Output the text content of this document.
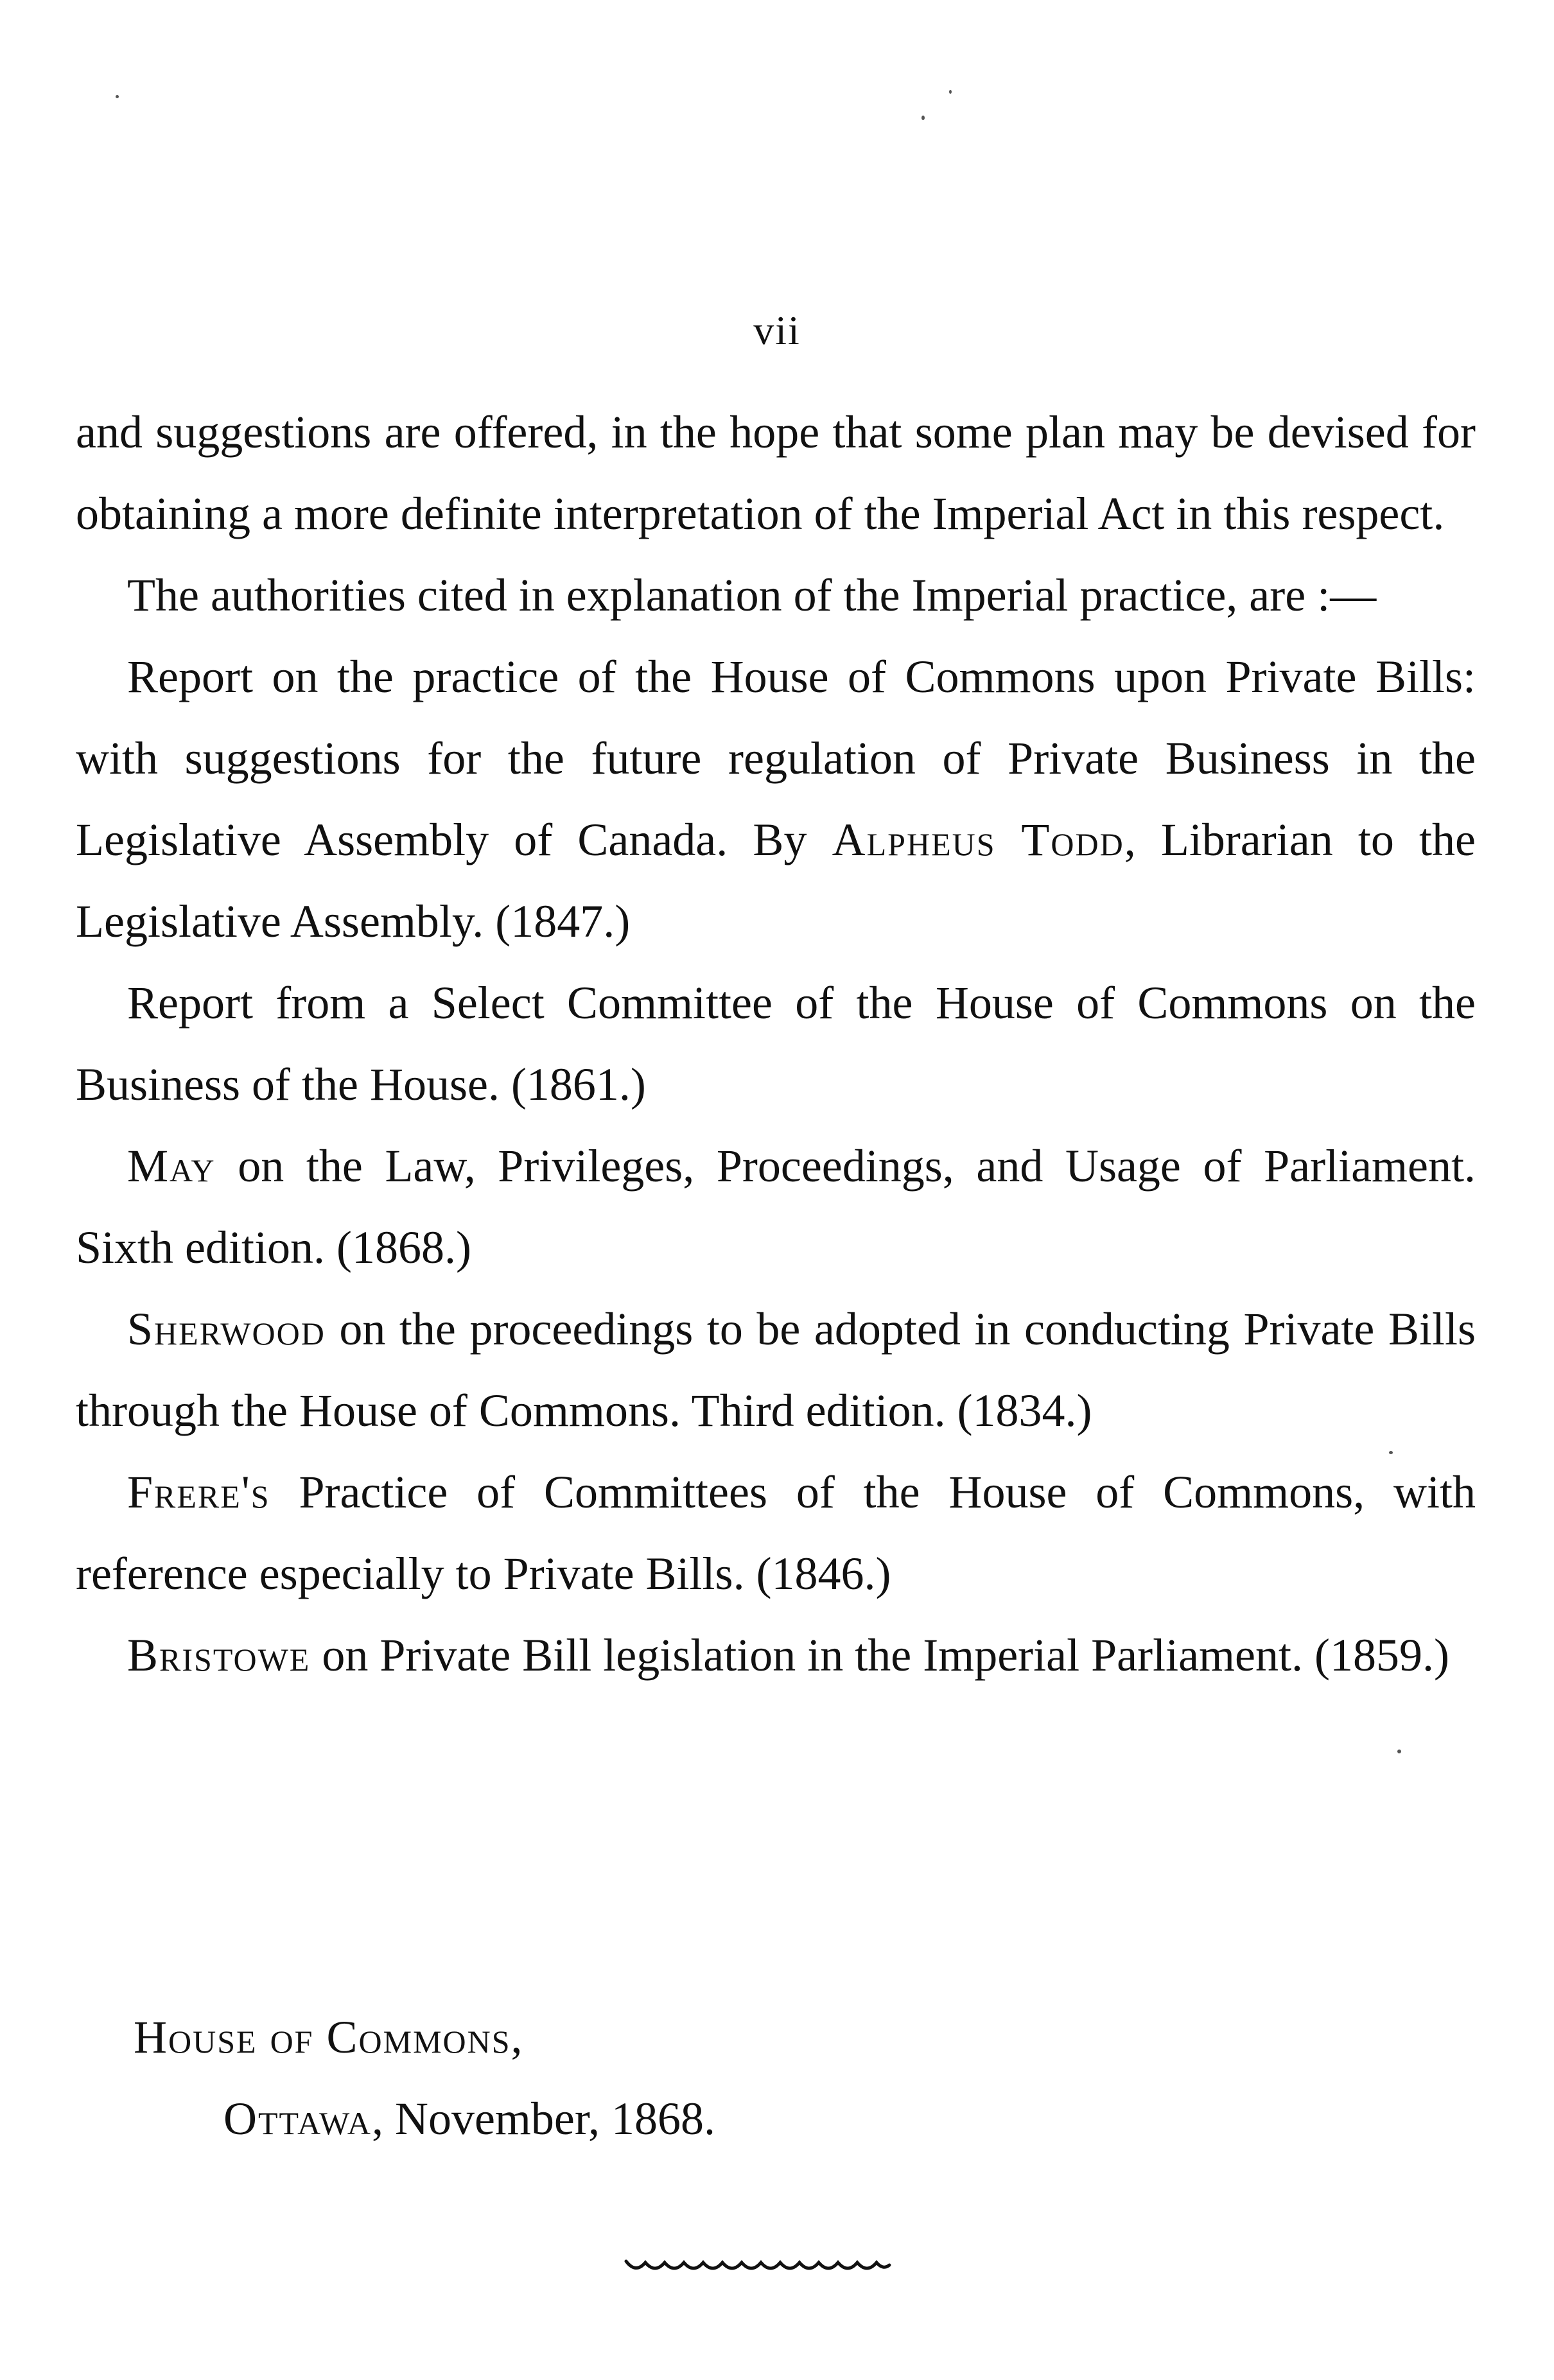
vii

and suggestions are offered, in the hope that some plan may be devised for obtaining a more definite interpretation of the Imperial Act in this respect.

The authorities cited in explanation of the Imperial practice, are :—

Report on the practice of the House of Commons upon Private Bills: with suggestions for the future regulation of Private Business in the Legislative Assembly of Canada. By Alpheus Todd, Librarian to the Legislative Assembly. (1847.)

Report from a Select Committee of the House of Commons on the Business of the House. (1861.)

May on the Law, Privileges, Proceedings, and Usage of Parliament. Sixth edition. (1868.)

Sherwood on the proceedings to be adopted in conducting Private Bills through the House of Commons. Third edition. (1834.)

Frere's Practice of Committees of the House of Commons, with reference especially to Private Bills. (1846.)

Bristowe on Private Bill legislation in the Imperial Parliament. (1859.)

House of Commons,
Ottawa, November, 1868.
